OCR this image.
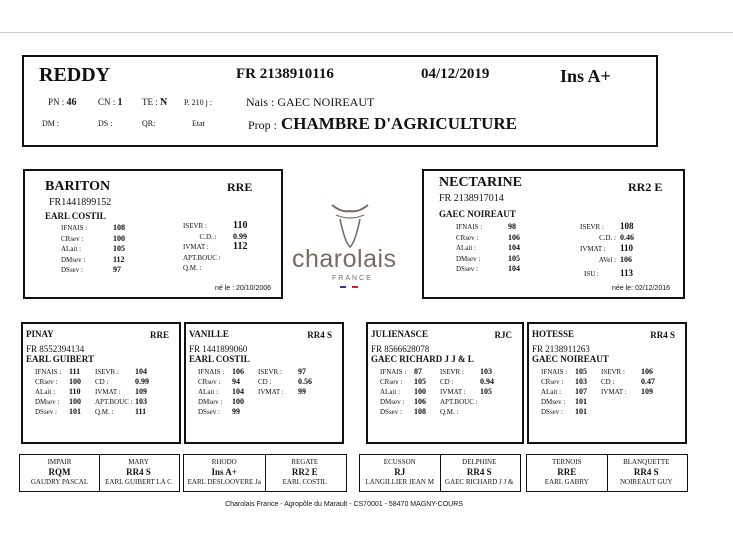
REDDY	FR 2138910116	04/12/2019	Ins A+
PN : 46 CN : 1 TE : N P. 210 j :	Nais : GAEC NOIREAUT
DM :	DS :	QR:	Etat	Prop : CHAMBRE D'AGRICULTURE
BARITON	RRE
FR1441899152
EARL COSTIL
IFNAIS :	108
CRsev :	100
ALait :	105
DMsev :	112
DSsev :	97
ISEVR :	110
C.D. :	0.99
IVMAT :	112
APT.BOUC :
Q.M. :
né le : 20/10/2006
charolais
FRANCE
NECTARINE	RR2 E
FR 2138917014
GAEC NOIREAUT
IFNAIS :	98
CRsev :	106
ALait :	104
DMsev :	105
DSsev :	104
ISEVR :	108
C.D. : 0.46
IVMAT :	110
AVel : 106
ISU :	113
née le: 02/12/2016
PINAY	RRE
FR 8552394134
EARL GUIBERT
IFNAIS : 111	ISEVR :	104
CRsev :	100	CD :	0.99
ALait :	110	IVMAT :	109
DMsev :	100	APT.BOUC : 103
DSsev :	101	Q.M. :	111
VANILLE	RR4 S
FR 1441899060
EARL COSTIL
IFNAIS : 106	ISEVR :	97
CRsev :	94	CD :	0.56
ALait :	104	IVMAT :	99
DMsev :	100
DSsev :	99
JULIENASCE	RJC
FR 8566628078
GAEC RICHARD J J & L
IFNAIS : 87	ISEVR :	103
CRsev :	105	CD :	0.94
ALait :	100	IVMAT :	105
DMsev :	106	APT.BOUC :
DSsev :	108	Q.M. :
HOTESSE	RR4 S
FR 2138911263
GAEC NOIREAUT
IFNAIS : 105	ISEVR :	106
CRsev :	103	CD :	0.47
ALait :	107	IVMAT :	109
DMsev :	101
DSsev :	101
IMPAIR
RQM
GAUDRY PASCAL
MARY
RR4 S
EARL GUIBERT LA C
RHODO
Ins A+
EARL DESLOOVERE Ja
REGATE
RR2 E
EARL COSTIL
ECUSSON
RJ
LANGILLIER JEAN M
DELPHINE
RR4 S
GAEC RICHARD J J &
TERNOIS
RRE
EARL GABRY
BLANQUETTE
RR4 S
NOIREAUT GUY
Charolais France - Agropôle du Marault - CS70001 - 58470 MAGNY-COURS
